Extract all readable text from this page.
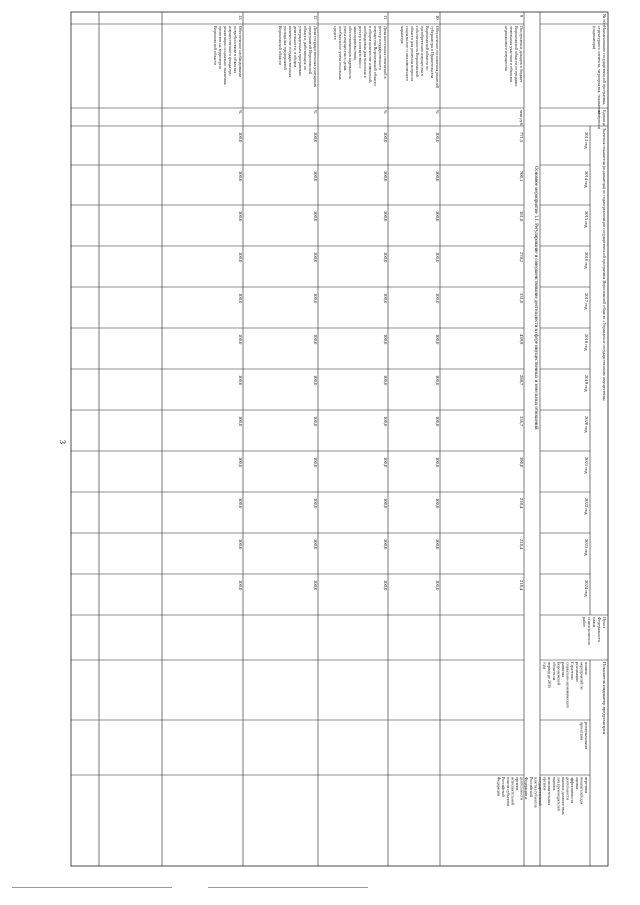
3
№ п/п
Наименование государственной программы,
структурного элемента, мероприятия, показателя
(индикатора)
Единица
измерения
Значения показателя (индикатора) по годам реализации государственной программы Воронежской области «Управление государственным имуществом»
Пункт
Федерального
плана
статистических
работ
Показатель индикатор предусмотрен
2013 год
2014 год
2015 год
2016 год
2017 год
2018 год
2019 год
2020 год
2021 год
2022 год
2023 год
2024 год
планом
мероприятий по
реализации
Стратегии
социально-экономического
развития
Воронежской
области на
период до 2035
года
региональными
проектами
перечнем
показателей для
оценки
эффективности
деятельности
высших должностных
лиц (руководителей
высших
исполнительных
органов
государственной
власти) субъектов
Российской
Федерации и
деятельности
органов
исполнительной
власти субъектов
Российской
Федерации
Основное мероприятие 1.1. Регулирование и совершенствование деятельности в сфере имущественных и земельных отношений
9
Поступление доходов в бюджет
Воронежской области от продажи
земельных участков и объектов
недвижимого имущества
млн руб.
771,5
700,1
181,8
278,2
331,0
439,9
288,7
336,7
390,0
218,4
218,4
218,4
10
Обеспечение исполнения решений
губернатора и Правительства
Воронежской области по
приобретению имущества в
собственность Воронежской
области для решения вопросов
социального и экономического
характера
%
100,0
100,0
100,0
100,0
100,0
100,0
100,0
100,0
100,0
100,0
100,0
100,0
11
Доля внесенных изменений в
реестр государственного
имущества Воронежской области
в общем количестве изменений,
необходимых для внесения в
реестр в соответствии с
законодательством,
обеспечивающих надежность
учета имущества в целях
пообъектного учета основных
средств
%
100,0
100,0
100,0
100,0
100,0
100,0
100,0
100,0
100,0
100,0
100,0
100,0
12
Доля государственных унитарных
предприятий Воронежской
области, работающих по
утвержденным программам
деятельности, в общем
количестве государственных
унитарных предприятий
Воронежской области
%
100,0
100,0
100,0
100,0
100,0
100,0
100,0
100,0
100,0
100,0
100,0
100,0
13
Обеспечение необходимыми
потребностями в объектах
имущественного фонда при
реализации социально значимых
проектов на территории
Воронежской области
%
100,0
100,0
100,0
100,0
100,0
100,0
100,0
100,0
100,0
100,0
100,0
100,0
